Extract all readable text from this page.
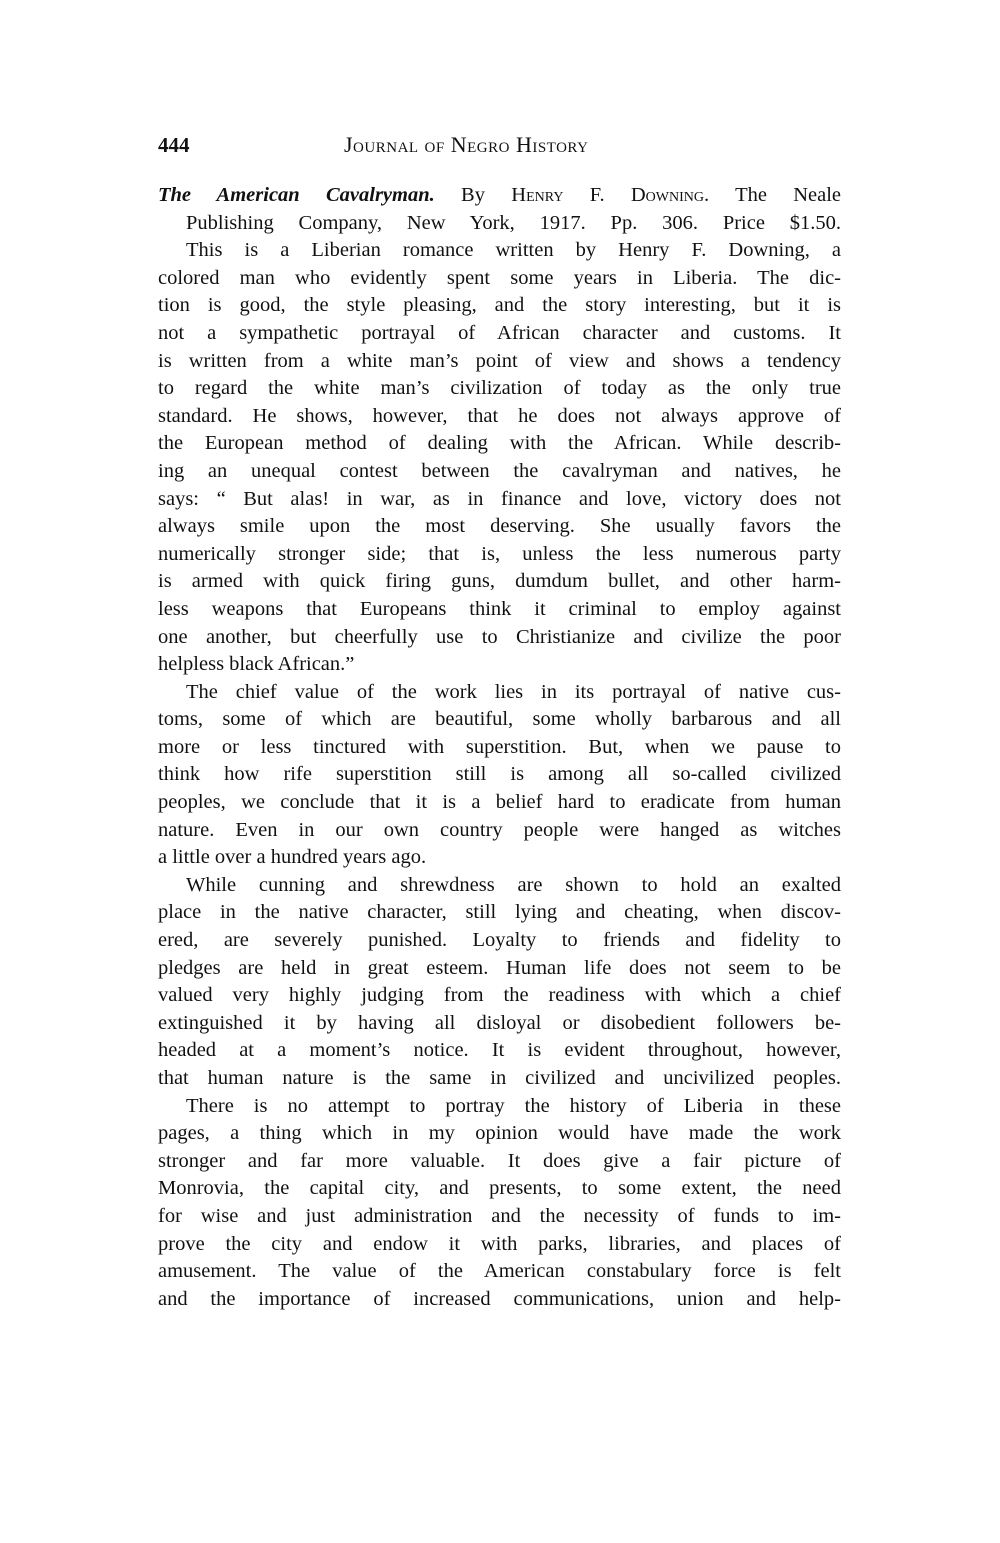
444	Journal of Negro History
The American Cavalryman. By Henry F. Downing. The Neale
Publishing Company, New York, 1917. Pp. 306. Price $1.50.
This is a Liberian romance written by Henry F. Downing, a
colored man who evidently spent some years in Liberia. The dic-
tion is good, the style pleasing, and the story interesting, but it is
not a sympathetic portrayal of African character and customs. It
is written from a white man’s point of view and shows a tendency
to regard the white man’s civilization of today as the only true
standard. He shows, however, that he does not always approve of
the European method of dealing with the African. While describ-
ing an unequal contest between the cavalryman and natives, he
says: “ But alas! in war, as in finance and love, victory does not
always smile upon the most deserving. She usually favors the
numerically stronger side; that is, unless the less numerous party
is armed with quick firing guns, dumdum bullet, and other harm-
less weapons that Europeans think it criminal to employ against
one another, but cheerfully use to Christianize and civilize the poor
helpless black African.”
The chief value of the work lies in its portrayal of native cus-
toms, some of which are beautiful, some wholly barbarous and all
more or less tinctured with superstition. But, when we pause to
think how rife superstition still is among all so-called civilized
peoples, we conclude that it is a belief hard to eradicate from human
nature. Even in our own country people were hanged as witches
a little over a hundred years ago.
While cunning and shrewdness are shown to hold an exalted
place in the native character, still lying and cheating, when discov-
ered, are severely punished. Loyalty to friends and fidelity to
pledges are held in great esteem. Human life does not seem to be
valued very highly judging from the readiness with which a chief
extinguished it by having all disloyal or disobedient followers be-
headed at a moment’s notice. It is evident throughout, however,
that human nature is the same in civilized and uncivilized peoples.
There is no attempt to portray the history of Liberia in these
pages, a thing which in my opinion would have made the work
stronger and far more valuable. It does give a fair picture of
Monrovia, the capital city, and presents, to some extent, the need
for wise and just administration and the necessity of funds to im-
prove the city and endow it with parks, libraries, and places of
amusement. The value of the American constabulary force is felt
and the importance of increased communications, union and help-
